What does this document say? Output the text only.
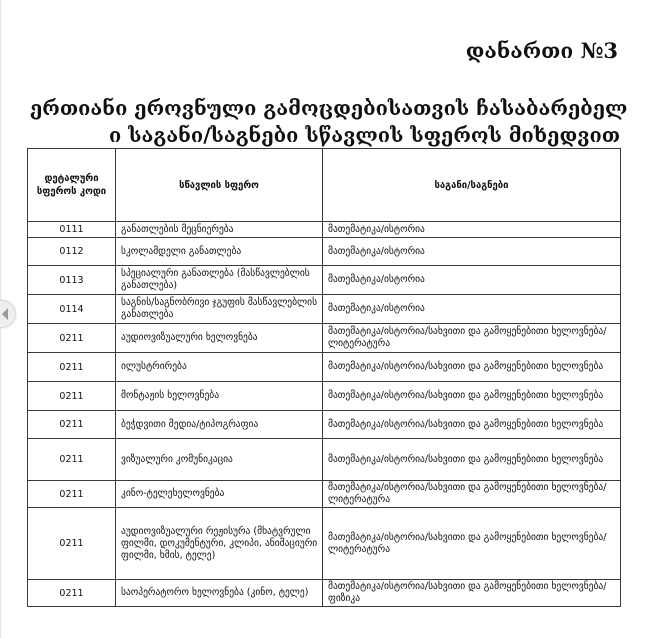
დანართი №3
ერთიანი ეროვნული გამოცდებისათვის ჩასაბარებელ
ი საგანი/საგნები სწავლის სფეროს მიხედვით
დეტალური სფეროს კოდი	სწავლის სფერო	საგანი/საგნები
0111	განათლების მეცნიერება	მათემატიკა/ისტორია
0112	სკოლამდელი განათლება	მათემატიკა/ისტორია
0113	სპეციალური განათლება (მასწავლებლის განათლება)	მათემატიკა/ისტორია
0114	საგნის/საგნობრივი ჯგუფის მასწავლებლის განათლება	მათემატიკა/ისტორია
0211	აუდიოვიზუალური ხელოვნება	მათემატიკა/ისტორია/სახვითი და გამოყენებითი ხელოვნება/ლიტერატურა
0211	ილუსტრირება	მათემატიკა/ისტორია/სახვითი და გამოყენებითი ხელოვნება
0211	მონტაჟის ხელოვნება	მათემატიკა/ისტორია/სახვითი და გამოყენებითი ხელოვნება
0211	ბეჭდვითი მედია/ტიპოგრაფია	მათემატიკა/ისტორია/სახვითი და გამოყენებითი ხელოვნება
0211	ვიზუალური კომუნიკაცია	მათემატიკა/ისტორია/სახვითი და გამოყენებითი ხელოვნება
0211	კინო-ტელეხელოვნება	მათემატიკა/ისტორია/სახვითი და გამოყენებითი ხელოვნება/ლიტერატურა
0211	აუდიოვიზუალური რეჟისურა (მხატვრული ფილმი, დოკუმენტური, კლიპი, ანიმაციური ფილმი, ხმის, ტელე)	მათემატიკა/ისტორია/სახვითი და გამოყენებითი ხელოვნება/ლიტერატურა
0211	საოპერატორო ხელოვნება (კინო, ტელე)	მათემატიკა/ისტორია/სახვითი და გამოყენებითი ხელოვნება/ფიზიკა
